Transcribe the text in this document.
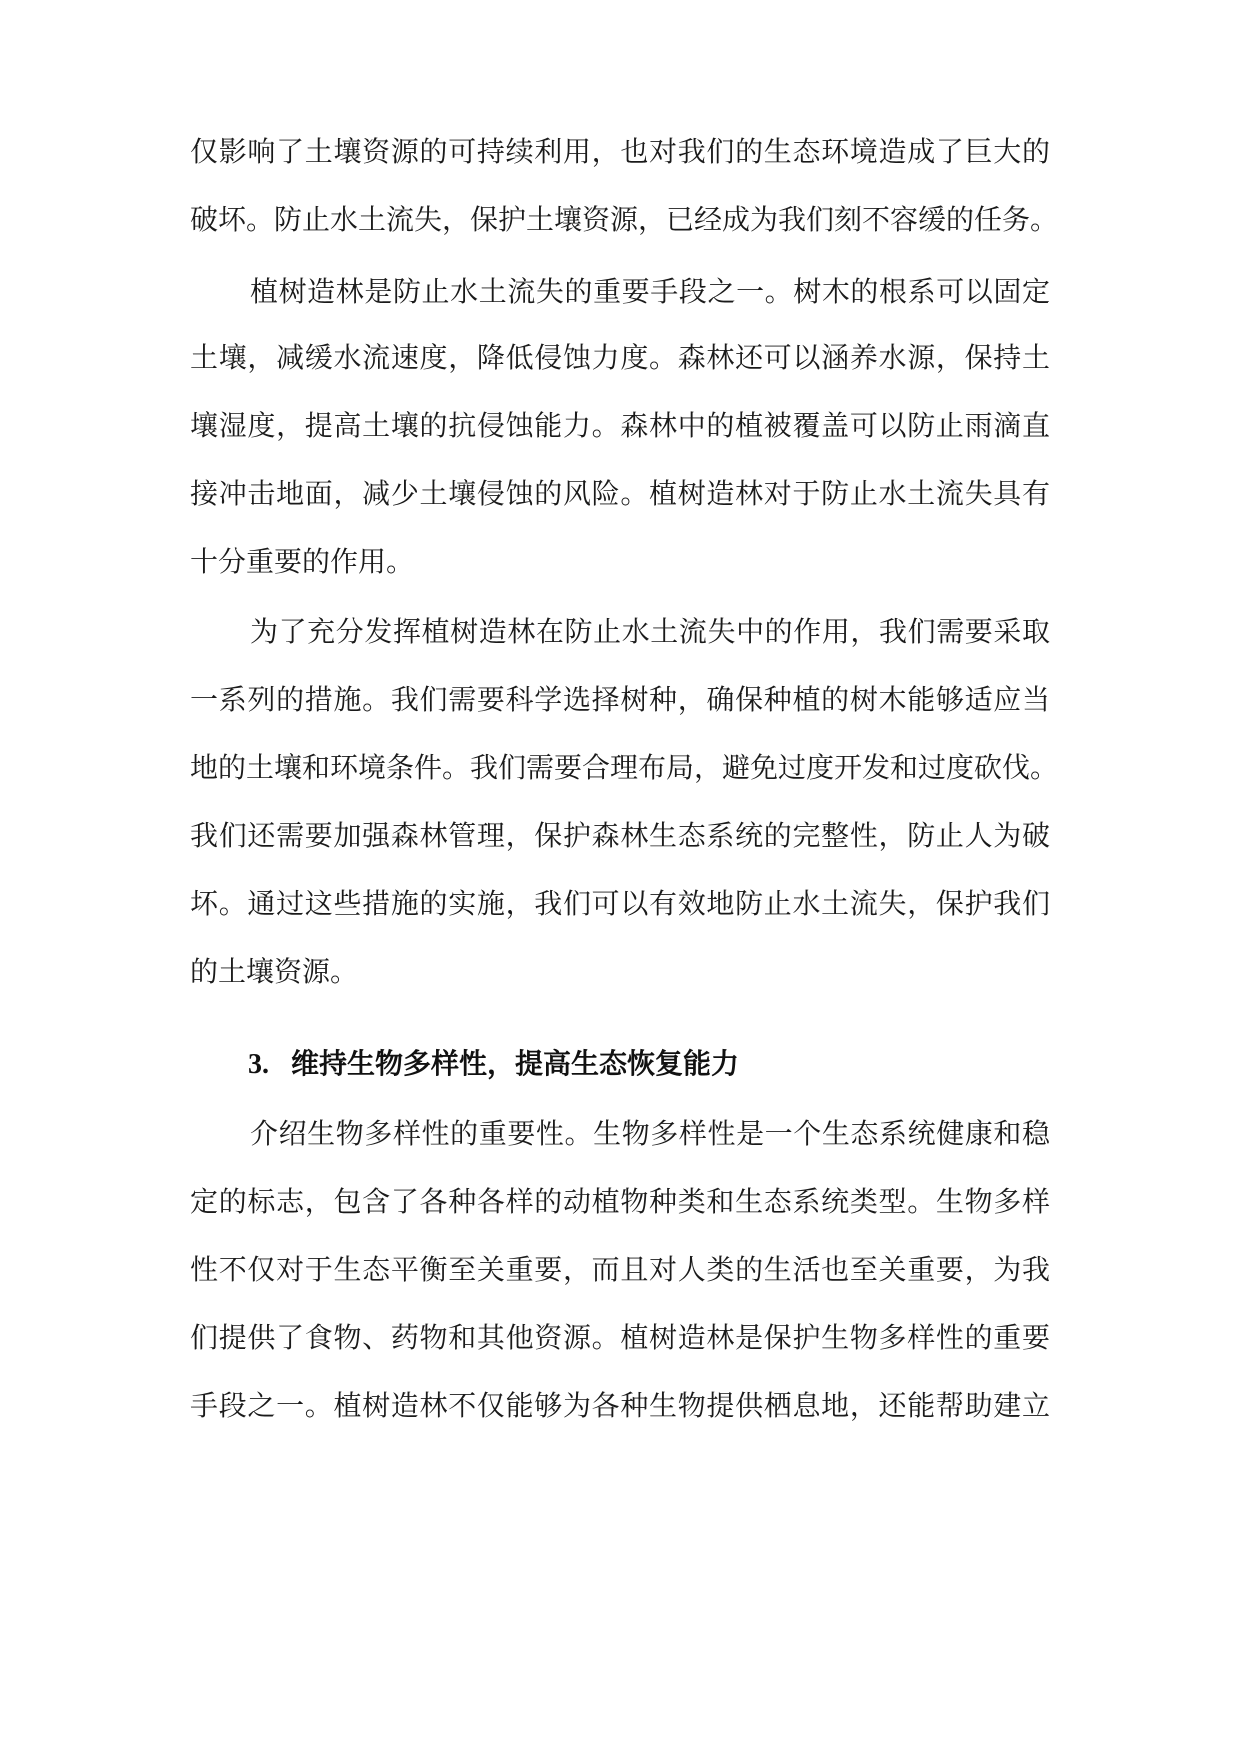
仅影响了土壤资源的可持续利用，也对我们的生态环境造成了巨大的
破坏。防止水土流失，保护土壤资源，已经成为我们刻不容缓的任务。
植树造林是防止水土流失的重要手段之一。树木的根系可以固定
土壤，减缓水流速度，降低侵蚀力度。森林还可以涵养水源，保持土
壤湿度，提高土壤的抗侵蚀能力。森林中的植被覆盖可以防止雨滴直
接冲击地面，减少土壤侵蚀的风险。植树造林对于防止水土流失具有
十分重要的作用。
为了充分发挥植树造林在防止水土流失中的作用，我们需要采取
一系列的措施。我们需要科学选择树种，确保种植的树木能够适应当
地的土壤和环境条件。我们需要合理布局，避免过度开发和过度砍伐。
我们还需要加强森林管理，保护森林生态系统的完整性，防止人为破
坏。通过这些措施的实施，我们可以有效地防止水土流失，保护我们
的土壤资源。
3. 维持生物多样性，提高生态恢复能力
介绍生物多样性的重要性。生物多样性是一个生态系统健康和稳
定的标志，包含了各种各样的动植物种类和生态系统类型。生物多样
性不仅对于生态平衡至关重要，而且对人类的生活也至关重要，为我
们提供了食物、药物和其他资源。植树造林是保护生物多样性的重要
手段之一。植树造林不仅能够为各种生物提供栖息地，还能帮助建立
